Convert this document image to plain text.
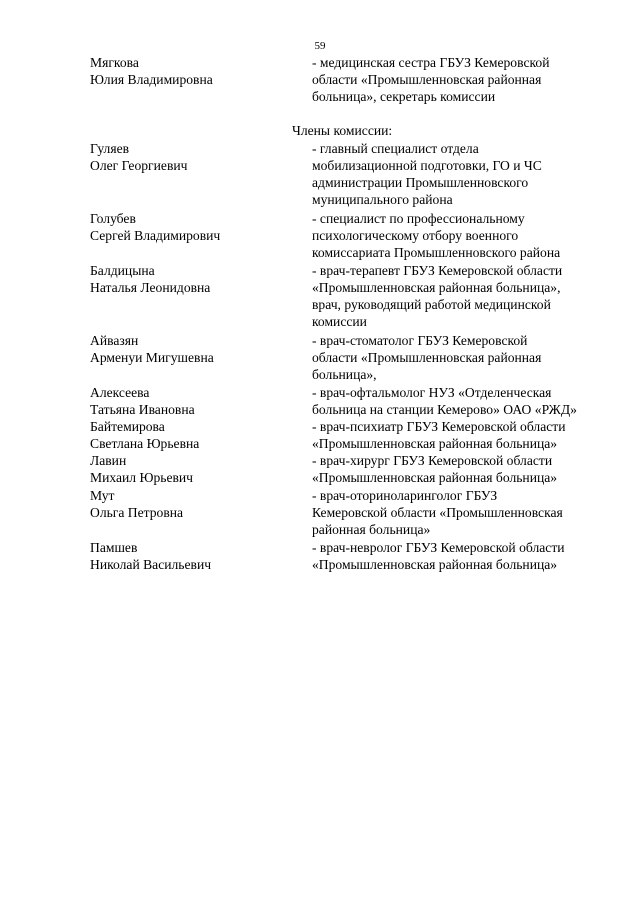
59
Мягкова
Юлия Владимировна
- медицинская сестра ГБУЗ Кемеровской
области «Промышленновская районная
больница», секретарь комиссии
Члены комиссии:
Гуляев
Олег Георгиевич
- главный специалист отдела
мобилизационной подготовки, ГО и ЧС
администрации Промышленновского
муниципального района
Голубев
Сергей Владимирович
- специалист по профессиональному
психологическому отбору военного
комиссариата Промышленновского района
Балдицына
Наталья Леонидовна
- врач-терапевт ГБУЗ Кемеровской области
«Промышленновская районная больница»,
врач, руководящий работой медицинской
комиссии
Айвазян
Арменуи Мигушевна
- врач-стоматолог ГБУЗ Кемеровской
области «Промышленновская районная
больница»,
Алексеева
Татьяна Ивановна
- врач-офтальмолог НУЗ «Отделенческая
больница на станции Кемерово» ОАО «РЖД»
Байтемирова
Светлана Юрьевна
- врач-психиатр ГБУЗ Кемеровской области
«Промышленновская районная больница»
Лавин
Михаил Юрьевич
- врач-хирург ГБУЗ Кемеровской области
«Промышленновская районная больница»
Мут
Ольга Петровна
- врач-оториноларинголог ГБУЗ
Кемеровской области «Промышленновская
районная больница»
Памшев
Николай Васильевич
- врач-невролог ГБУЗ Кемеровской области
«Промышленновская районная больница»
